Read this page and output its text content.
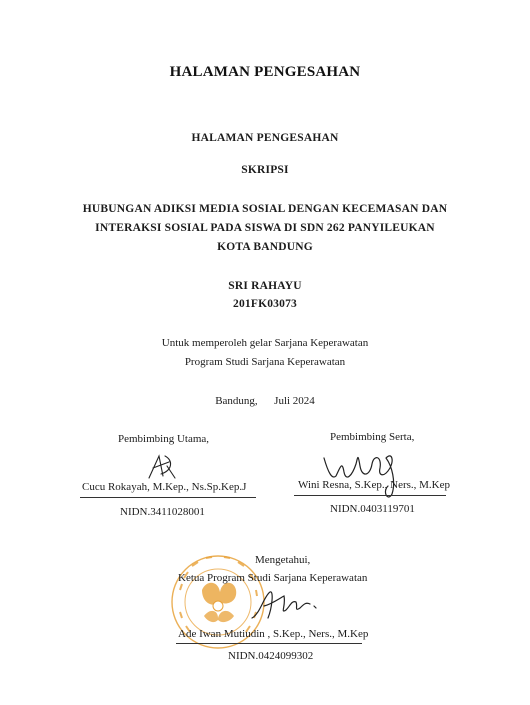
HALAMAN PENGESAHAN
HALAMAN PENGESAHAN
SKRIPSI
HUBUNGAN ADIKSI MEDIA SOSIAL DENGAN KECEMASAN DAN
INTERAKSI SOSIAL PADA SISWA DI SDN 262 PANYILEUKAN
KOTA BANDUNG
SRI RAHAYU
201FK03073
Untuk memperoleh gelar Sarjana Keperawatan
Program Studi Sarjana Keperawatan
Bandung,      Juli 2024
Pembimbing Utama,
Cucu Rokayah, M.Kep., Ns.Sp.Kep.J
NIDN.3411028001
Pembimbing Serta,
Wini Resna, S.Kep., Ners., M.Kep
NIDN.0403119701
Mengetahui,
Ketua Program Studi Sarjana Keperawatan
Ade Iwan Mutiudin , S.Kep., Ners., M.Kep
NIDN.0424099302
